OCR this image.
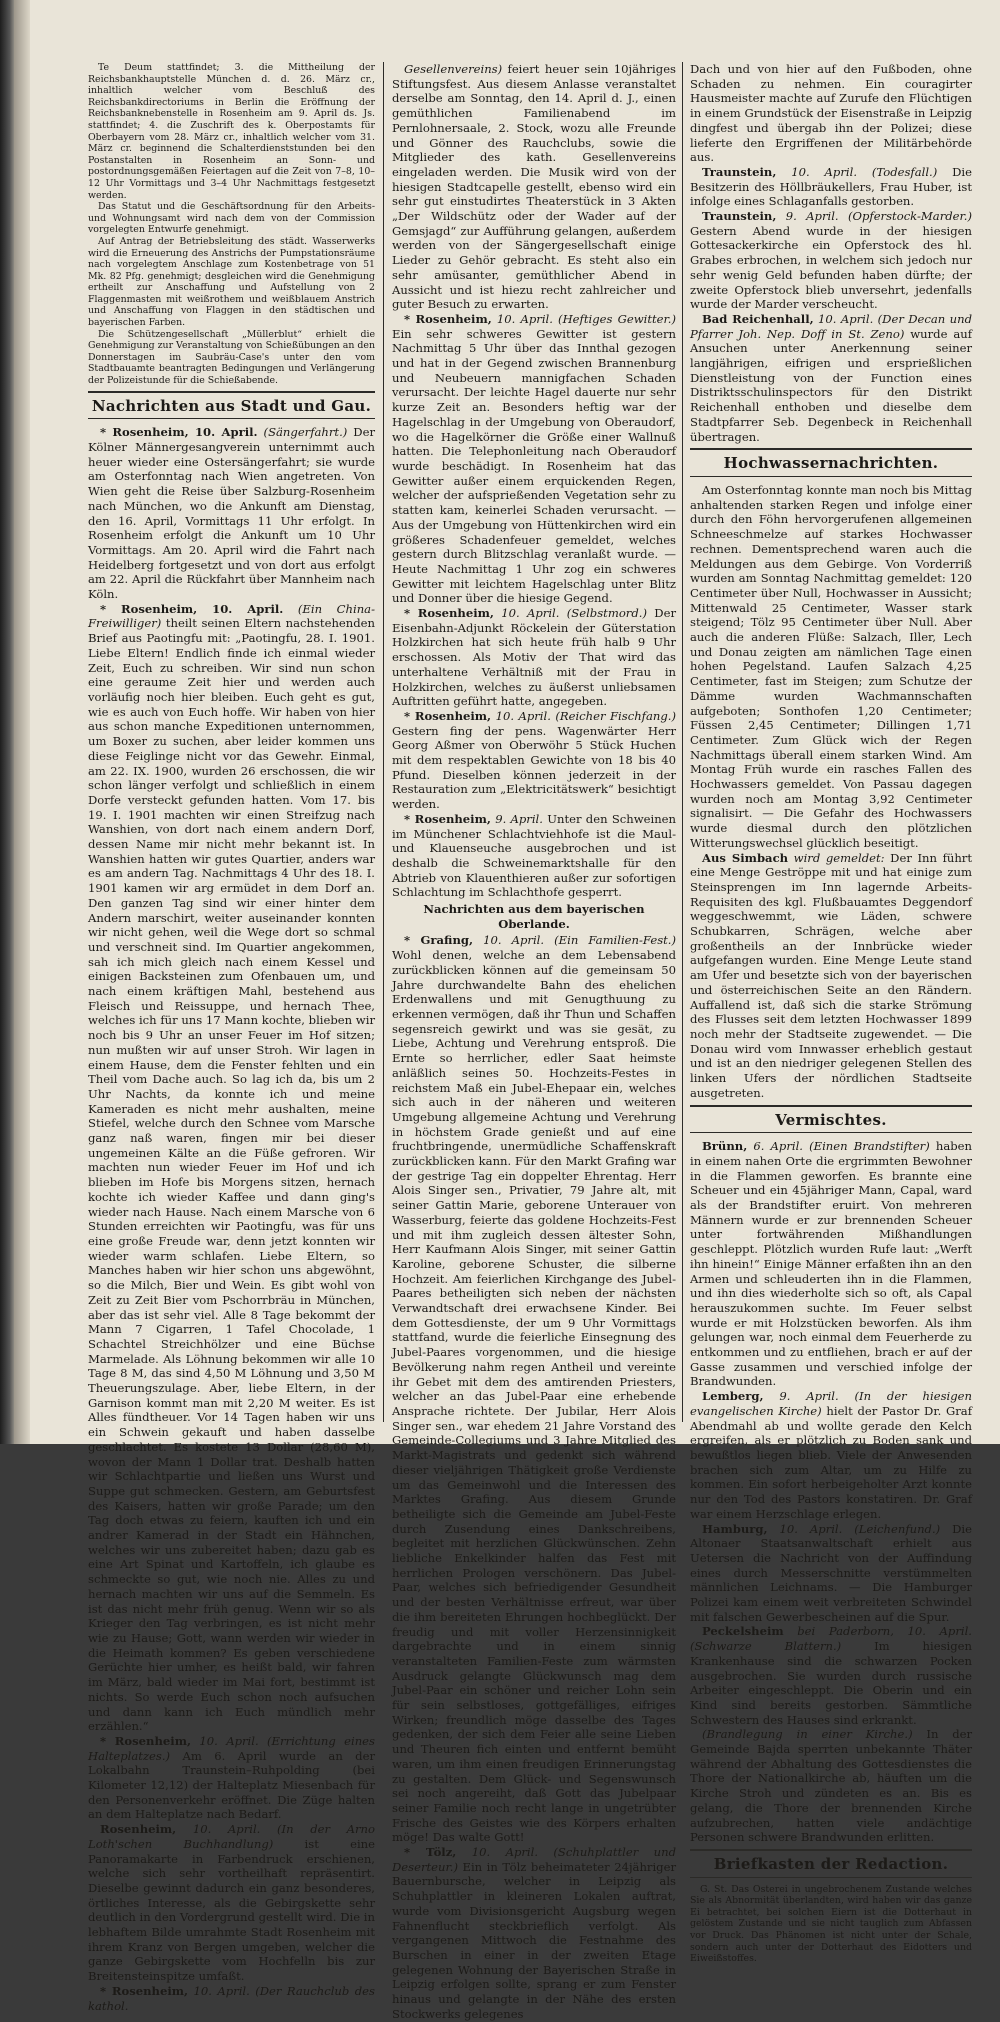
Te Deum stattfindet; 3. die Mittheilung der Reichsbankhauptstelle München d. d. 26. März cr., inhaltlich welcher vom Beschluß des Reichsbankdirectoriums in Berlin die Eröffnung der Reichsbanknebenstelle in Rosenheim am 9. April ds. Js. stattfindet; 4. die Zuschrift des k. Oberpostamts für Oberbayern vom 28. März cr., inhaltlich welcher vom 31. März cr. beginnend die Schalterdienststunden bei den Postanstalten in Rosenheim an Sonn- und postordnungsgemäßen Feiertagen auf die Zeit von 7–8, 10–12 Uhr Vormittags und 3–4 Uhr Nachmittags festgesetzt werden.

Das Statut und die Geschäftsordnung für den Arbeits- und Wohnungsamt wird nach dem von der Commission vorgelegten Entwurfe genehmigt.

Auf Antrag der Betriebsleitung des städt. Wasserwerks wird die Erneuerung des Anstrichs der Pumpstationsräume nach vorgelegtem Anschlage zum Kostenbetrage von 51 Mk. 82 Pfg. genehmigt; desgleichen wird die Genehmigung ertheilt zur Anschaffung und Aufstellung von 2 Flaggenmasten mit weißrothem und weißblauem Anstrich und Anschaffung von Flaggen in den städtischen und bayerischen Farben.

Die Schützengesellschaft „Müllerblut“ erhielt die Genehmigung zur Veranstaltung von Schießübungen an den Donnerstagen im Saubräu-Case's unter den vom Stadtbauamte beantragten Bedingungen und Verlängerung der Polizeistunde für die Schießabende.

Nachrichten aus Stadt und Gau.

* Rosenheim, 10. April. (Sängerfahrt.) Der Kölner Männergesangverein unternimmt auch heuer wieder eine Ostersängerfahrt; sie wurde am Osterfonntag nach Wien angetreten. Von Wien geht die Reise über Salzburg-Rosenheim nach München, wo die Ankunft am Dienstag, den 16. April, Vormittags 11 Uhr erfolgt. In Rosenheim erfolgt die Ankunft um 10 Uhr Vormittags. Am 20. April wird die Fahrt nach Heidelberg fortgesetzt und von dort aus erfolgt am 22. April die Rückfahrt über Mannheim nach Köln.

* Rosenheim, 10. April. (Ein China-Freiwilliger) theilt seinen Eltern nachstehenden Brief aus Paotingfu mit: „Paotingfu, 28. I. 1901. Liebe Eltern! Endlich finde ich einmal wieder Zeit, Euch zu schreiben. Wir sind nun schon eine geraume Zeit hier und werden auch vorläufig noch hier bleiben. Euch geht es gut, wie es auch von Euch hoffe. Wir haben von hier aus schon manche Expeditionen unternommen, um Boxer zu suchen, aber leider kommen uns diese Feiglinge nicht vor das Gewehr. Einmal, am 22. IX. 1900, wurden 26 erschossen, die wir schon länger verfolgt und schließlich in einem Dorfe versteckt gefunden hatten. Vom 17. bis 19. I. 1901 machten wir einen Streifzug nach Wanshien, von dort nach einem andern Dorf, dessen Name mir nicht mehr bekannt ist. In Wanshien hatten wir gutes Quartier, anders war es am andern Tag. Nachmittags 4 Uhr des 18. I. 1901 kamen wir arg ermüdet in dem Dorf an. Den ganzen Tag sind wir einer hinter dem Andern marschirt, weiter auseinander konnten wir nicht gehen, weil die Wege dort so schmal und verschneit sind. Im Quartier angekommen, sah ich mich gleich nach einem Kessel und einigen Backsteinen zum Ofenbauen um, und nach einem kräftigen Mahl, bestehend aus Fleisch und Reissuppe, und hernach Thee, welches ich für uns 17 Mann kochte, blieben wir noch bis 9 Uhr an unser Feuer im Hof sitzen; nun mußten wir auf unser Stroh. Wir lagen in einem Hause, dem die Fenster fehlten und ein Theil vom Dache auch. So lag ich da, bis um 2 Uhr Nachts, da konnte ich und meine Kameraden es nicht mehr aushalten, meine Stiefel, welche durch den Schnee vom Marsche ganz naß waren, fingen mir bei dieser ungemeinen Kälte an die Füße gefroren. Wir machten nun wieder Feuer im Hof und ich blieben im Hofe bis Morgens sitzen, hernach kochte ich wieder Kaffee und dann ging's wieder nach Hause. Nach einem Marsche von 6 Stunden erreichten wir Paotingfu, was für uns eine große Freude war, denn jetzt konnten wir wieder warm schlafen. Liebe Eltern, so Manches haben wir hier schon uns abgewöhnt, so die Milch, Bier und Wein. Es gibt wohl von Zeit zu Zeit Bier vom Pschorrbräu in München, aber das ist sehr viel. Alle 8 Tage bekommt der Mann 7 Cigarren, 1 Tafel Chocolade, 1 Schachtel Streichhölzer und eine Büchse Marmelade. Als Löhnung bekommen wir alle 10 Tage 8 M, das sind 4,50 M Löhnung und 3,50 M Theuerungszulage. Aber, liebe Eltern, in der Garnison kommt man mit 2,20 M weiter. Es ist Alles fündtheuer. Vor 14 Tagen haben wir uns ein Schwein gekauft und haben dasselbe geschlachtet. Es kostete 13 Dollar (28,60 M), wovon der Mann 1 Dollar trat. Deshalb hatten wir Schlachtpartie und ließen uns Wurst und Suppe gut schmecken. Gestern, am Geburtsfest des Kaisers, hatten wir große Parade; um den Tag doch etwas zu feiern, kauften ich und ein andrer Kamerad in der Stadt ein Hähnchen, welches wir uns zubereitet haben; dazu gab es eine Art Spinat und Kartoffeln, ich glaube es schmeckte so gut, wie noch nie. Alles zu und hernach machten wir uns auf die Semmeln. Es ist das nicht mehr früh genug. Wenn wir so als Krieger den Tag verbringen, es ist nicht mehr wie zu Hause; Gott, wann werden wir wieder in die Heimath kommen? Es geben verschiedene Gerüchte hier umher, es heißt bald, wir fahren im März, bald wieder im Mai fort, bestimmt ist nichts. So werde Euch schon noch aufsuchen und dann kann ich Euch mündlich mehr erzählen.“

* Rosenheim, 10. April. (Errichtung eines Halteplatzes.) Am 6. April wurde an der Lokalbahn Traunstein–Ruhpolding (bei Kilometer 12,12) der Halteplatz Miesenbach für den Personenverkehr eröffnet. Die Züge halten an dem Halteplatze nach Bedarf.

Rosenheim, 10. April. (In der Arno Loth'schen Buchhandlung)	ist eine Panoramakarte in Farbendruck erschienen, welche sich sehr vortheilhaft repräsentirt. Dieselbe gewinnt dadurch ein ganz besonderes, örtliches Interesse, als die Gebirgskette sehr deutlich in den Vordergrund gestellt wird. Die in lebhaftem Bilde umrahmte Stadt Rosenheim mit ihrem Kranz von Bergen umgeben, welcher die ganze Gebirgskette vom Hochfelln bis zur Breitensteinspitze umfaßt.

* Rosenheim, 10. April. (Der Rauchclub des kathol.

Gesellenvereins) feiert heuer sein 10jähriges Stiftungsfest. Aus diesem Anlasse veranstaltet derselbe am Sonntag, den 14. April d. J., einen gemüthlichen Familienabend im Pernlohnersaale, 2. Stock, wozu alle Freunde und Gönner des Rauchclubs, sowie die Mitglieder des kath. Gesellenvereins eingeladen werden. Die Musik wird von der hiesigen Stadtcapelle gestellt, ebenso wird ein sehr gut einstudirtes Theaterstück in 3 Akten „Der Wildschütz oder der Wader auf der Gemsjagd“ zur Aufführung gelangen, außerdem werden von der Sängergesellschaft einige Lieder zu Gehör gebracht. Es steht also ein sehr amüsanter, gemüthlicher Abend in Aussicht und ist hiezu recht zahlreicher und guter Besuch zu erwarten.

* Rosenheim, 10. April. (Heftiges Gewitter.) Ein sehr schweres Gewitter ist gestern Nachmittag 5 Uhr über das Innthal gezogen und hat in der Gegend zwischen Brannenburg und Neubeuern mannigfachen Schaden verursacht. Der leichte Hagel dauerte nur sehr kurze Zeit an. Besonders heftig war der Hagelschlag in der Umgebung von Oberaudorf, wo die Hagelkörner die Größe einer Wallnuß hatten. Die Telephonleitung nach Oberaudorf wurde beschädigt. In Rosenheim hat das Gewitter außer einem erquickenden Regen, welcher der aufsprießenden Vegetation sehr zu statten kam, keinerlei Schaden verursacht. — Aus der Umgebung von Hüttenkirchen wird ein größeres Schadenfeuer gemeldet, welches gestern durch Blitzschlag veranlaßt wurde. — Heute Nachmittag 1 Uhr zog ein schweres Gewitter mit leichtem Hagelschlag unter Blitz und Donner über die hiesige Gegend.

* Rosenheim, 10. April. (Selbstmord.) Der Eisenbahn-Adjunkt Röckelein der Güterstation Holzkirchen hat sich heute früh halb 9 Uhr erschossen. Als Motiv der That wird das unterhaltene Verhältniß mit der Frau in Holzkirchen, welches zu äußerst unliebsamen Auftritten geführt hatte, angegeben.

* Rosenheim, 10. April. (Reicher Fischfang.) Gestern fing der pens. Wagenwärter Herr Georg Aßmer von Oberwöhr 5 Stück Huchen mit dem respektablen Gewichte von 18 bis 40 Pfund. Dieselben können jederzeit in der Restauration zum „Elektricitätswerk“ besichtigt werden.

* Rosenheim, 9. April. Unter den Schweinen im Münchener Schlachtviehhofe ist die Maul- und Klauenseuche ausgebrochen und ist deshalb die Schweinemarktshalle für den Abtrieb von Klauenthieren außer zur sofortigen Schlachtung im Schlachthofe gesperrt.

Nachrichten aus dem bayerischen Oberlande.

* Grafing, 10. April. (Ein Familien-Fest.) Wohl denen, welche an dem Lebensabend zurückblicken können auf die gemeinsam 50 Jahre durchwandelte Bahn des ehelichen Erdenwallens und mit Genugthuung zu erkennen vermögen, daß ihr Thun und Schaffen segensreich gewirkt und was sie gesät, zu Liebe, Achtung und Verehrung entsproß. Die Ernte so herrlicher, edler Saat heimste anläßlich seines 50. Hochzeits-Festes in reichstem Maß ein Jubel-Ehepaar ein, welches sich auch in der näheren und weiteren Umgebung allgemeine Achtung und Verehrung in höchstem Grade genießt und auf eine fruchtbringende, unermüdliche Schaffenskraft zurückblicken kann. Für den Markt Grafing war der gestrige Tag ein doppelter Ehrentag. Herr Alois Singer sen., Privatier, 79 Jahre alt, mit seiner Gattin Marie, geborene Unterauer von Wasserburg, feierte das goldene Hochzeits-Fest und mit ihm zugleich dessen ältester Sohn, Herr Kaufmann Alois Singer, mit seiner Gattin Karoline, geborene Schuster, die silberne Hochzeit. Am feierlichen Kirchgange des Jubel-Paares betheiligten sich neben der nächsten Verwandtschaft drei erwachsene Kinder. Bei dem Gottesdienste, der um 9 Uhr Vormittags stattfand, wurde die feierliche Einsegnung des Jubel-Paares vorgenommen, und die hiesige Bevölkerung nahm regen Antheil und vereinte ihr Gebet mit dem des amtirenden Priesters, welcher an das Jubel-Paar eine erhebende Ansprache richtete. Der Jubilar, Herr Alois Singer sen., war ehedem 21 Jahre Vorstand des Gemeinde-Collegiums und 3 Jahre Mitglied des Markt-Magistrats und gedenkt sich während dieser vieljährigen Thätigkeit große Verdienste um das Gemeinwohl und die Interessen des Marktes Grafing. Aus diesem Grunde betheiligte sich die Gemeinde am Jubel-Feste durch Zusendung eines Dankschreibens, begleitet mit herzlichen Glückwünschen. Zehn liebliche Enkelkinder halfen das Fest mit herrlichen Prologen verschönern. Das Jubel-Paar, welches sich befriedigender Gesundheit und der besten Verhältnisse erfreut, war über die ihm bereiteten Ehrungen hochbeglückt. Der freudig und mit voller Herzensinnigkeit dargebrachte und in einem sinnig veranstalteten Familien-Feste zum wärmsten Ausdruck gelangte Glückwunsch mag dem Jubel-Paar ein schöner und reicher Lohn sein für sein selbstloses, gottgefälliges, eifriges Wirken; freundlich möge dasselbe des Tages gedenken, der sich dem Feier alle seine Lieben und Theuren fich einten und entfernt bemüht waren, um ihm einen freudigen Erinnerungstag zu gestalten. Dem Glück- und Segenswunsch sei noch angereiht, daß Gott das Jubelpaar seiner Familie noch recht lange in ungetrübter Frische des Geistes wie des Körpers erhalten möge! Das walte Gott!

* Tölz, 10. April. (Schuhplattler und Deserteur.) Ein in Tölz beheimateter 24jähriger Bauernbursche, welcher in Leipzig als Schuhplattler in kleineren Lokalen auftrat, wurde vom Divisionsgericht Augsburg wegen Fahnenflucht steckbrieflich verfolgt. Als vergangenen Mittwoch die Festnahme des Burschen in einer in der zweiten Etage gelegenen Wohnung der Bayerischen Straße in Leipzig erfolgen sollte, sprang er zum Fenster hinaus und gelangte in der Nähe des ersten Stockwerks gelegenes

Dach und von hier auf den Fußboden, ohne Schaden zu nehmen. Ein couragirter Hausmeister machte auf Zurufe den Flüchtigen in einem Grundstück der Eisenstraße in Leipzig dingfest und übergab ihn der Polizei; diese lieferte den Ergriffenen der Militärbehörde aus.

Traunstein, 10. April. (Todesfall.) Die Besitzerin des Höllbräukellers, Frau Huber, ist infolge eines Schlaganfalls gestorben.

Traunstein, 9. April. (Opferstock-Marder.) Gestern Abend wurde in der hiesigen Gottesackerkirche ein Opferstock des hl. Grabes erbrochen, in welchem sich jedoch nur sehr wenig Geld befunden haben dürfte; der zweite Opferstock blieb unversehrt, jedenfalls wurde der Marder verscheucht.

Bad Reichenhall, 10. April. (Der Decan und Pfarrer Joh. Nep. Doff in St. Zeno) wurde auf Ansuchen unter Anerkennung seiner langjährigen, eifrigen und ersprießlichen Dienstleistung von der Function eines Distriktsschulinspectors für den Distrikt Reichenhall enthoben und dieselbe dem Stadtpfarrer Seb. Degenbeck in Reichenhall übertragen.

Hochwassernachrichten.

Am Osterfonntag konnte man noch bis Mittag anhaltenden starken Regen und infolge einer durch den Föhn hervorgerufenen allgemeinen Schneeschmelze auf starkes Hochwasser rechnen. Dementsprechend waren auch die Meldungen aus dem Gebirge. Von Vorderriß wurden am Sonntag Nachmittag gemeldet: 120 Centimeter über Null, Hochwasser in Aussicht; Mittenwald 25 Centimeter, Wasser stark steigend; Tölz 95 Centimeter über Null. Aber auch die anderen Flüße: Salzach, Iller, Lech und Donau zeigten am nämlichen Tage einen hohen Pegelstand. Laufen Salzach 4,25 Centimeter, fast im Steigen; zum Schutze der Dämme wurden Wachmannschaften aufgeboten; Sonthofen 1,20 Centimeter; Füssen 2,45 Centimeter; Dillingen 1,71 Centimeter. Zum Glück wich der Regen Nachmittags überall einem starken Wind. Am Montag Früh wurde ein rasches Fallen des Hochwassers gemeldet. Von Passau dagegen wurden noch am Montag 3,92 Centimeter signalisirt. — Die Gefahr des Hochwassers wurde diesmal durch den plötzlichen Witterungswechsel glücklich beseitigt.

Aus Simbach wird gemeldet: Der Inn führt eine Menge Geströppe mit und hat einige zum Steinsprengen im Inn lagernde Arbeits-Requisiten des kgl. Flußbauamtes Deggendorf weggeschwemmt, wie Läden, schwere Schubkarren, Schrägen, welche aber großentheils an der Innbrücke wieder aufgefangen wurden. Eine Menge Leute stand am Ufer und besetzte sich von der bayerischen und österreichischen Seite an den Rändern. Auffallend ist, daß sich die starke Strömung des Flusses seit dem letzten Hochwasser 1899 noch mehr der Stadtseite zugewendet. — Die Donau wird vom Innwasser erheblich gestaut und ist an den niedriger gelegenen Stellen des linken Ufers der nördlichen Stadtseite ausgetreten.

Vermischtes.

Brünn, 6. April. (Einen Brandstifter) haben in einem nahen Orte die ergrimmten Bewohner in die Flammen geworfen. Es brannte eine Scheuer und ein 45jähriger Mann, Capal, ward als der Brandstifter eruirt. Von mehreren Männern wurde er zur brennenden Scheuer unter fortwährenden Mißhandlungen geschleppt. Plötzlich wurden Rufe laut: „Werft ihn hinein!“ Einige Männer erfaßten ihn an den Armen und schleuderten ihn in die Flammen, und ihn dies wiederholte sich so oft, als Capal herauszukommen suchte. Im Feuer selbst wurde er mit Holzstücken beworfen. Als ihm gelungen war, noch einmal dem Feuerherde zu entkommen und zu entfliehen, brach er auf der Gasse zusammen und verschied infolge der Brandwunden.

Lemberg, 9. April. (In der hiesigen evangelischen Kirche) hielt der Pastor Dr. Graf Abendmahl ab und wollte gerade den Kelch ergreifen, als er plötzlich zu Boden sank und bewußtlos liegen blieb. Viele der Anwesenden brachen sich zum Altar, um zu Hilfe zu kommen. Ein sofort herbeigeholter Arzt konnte nur den Tod des Pastors konstatiren. Dr. Graf war einem Herzschlage erlegen.

Hamburg, 10. April. (Leichenfund.) Die Altonaer Staatsanwaltschaft erhielt aus Uetersen die Nachricht von der Auffindung eines durch Messerschnitte verstümmelten männlichen Leichnams. — Die Hamburger Polizei kam einem weit verbreiteten Schwindel mit falschen Gewerbescheinen auf die Spur.

Peckelsheim bei Paderborn, 10. April. (Schwarze Blattern.)	Im hiesigen Krankenhause sind die schwarzen Pocken ausgebrochen. Sie wurden durch russische Arbeiter eingeschleppt. Die Oberin und ein Kind sind bereits gestorben. Sämmtliche Schwestern des Hauses sind erkrankt.

(Brandlegung in einer Kirche.) In der Gemeinde Bajda sperrten unbekannte Thäter während der Abhaltung des Gottesdienstes die Thore der Nationalkirche ab, häuften um die Kirche Stroh und zündeten es an. Bis es gelang, die Thore der brennenden Kirche aufzubrechen, hatten viele andächtige Personen schwere Brandwunden erlitten.

Briefkasten der Redaction.

G. St. Das Osterei in ungebrochenem Zustande welches Sie als Abnormität überlandten, wird haben wir das ganze Ei betrachtet, bei solchen Eiern ist die Dotterhaut in gelöstem Zustande und sie nicht tauglich zum Abfassen vor Druck. Das Phänomen ist nicht unter der Schale, sondern auch unter der Dotterhaut des Eidotters und Eiweißstoffes.
